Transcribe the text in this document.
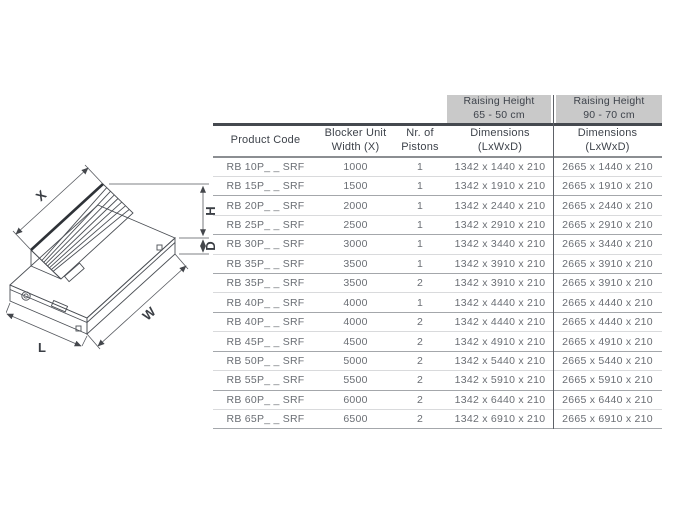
X
H
D
W
L
Raising Height
65 - 50 cm
Raising Height
90 - 70 cm
Product Code
Blocker Unit
Width (X)
Nr. of
Pistons
Dimensions
(LxWxD)
Dimensions
(LxWxD)
RB 10P_ _ SRF	1000	1	1342 x 1440 x 210	2665 x 1440 x 210
RB 15P_ _ SRF	1500	1	1342 x 1910 x 210	2665 x 1910 x 210
RB 20P_ _ SRF	2000	1	1342 x 2440 x 210	2665 x 2440 x 210
RB 25P_ _ SRF	2500	1	1342 x 2910 x 210	2665 x 2910 x 210
RB 30P_ _ SRF	3000	1	1342 x 3440 x 210	2665 x 3440 x 210
RB 35P_ _ SRF	3500	1	1342 x 3910 x 210	2665 x 3910 x 210
RB 35P_ _ SRF	3500	2	1342 x 3910 x 210	2665 x 3910 x 210
RB 40P_ _ SRF	4000	1	1342 x 4440 x 210	2665 x 4440 x 210
RB 40P_ _ SRF	4000	2	1342 x 4440 x 210	2665 x 4440 x 210
RB 45P_ _ SRF	4500	2	1342 x 4910 x 210	2665 x 4910 x 210
RB 50P_ _ SRF	5000	2	1342 x 5440 x 210	2665 x 5440 x 210
RB 55P_ _ SRF	5500	2	1342 x 5910 x 210	2665 x 5910 x 210
RB 60P_ _ SRF	6000	2	1342 x 6440 x 210	2665 x 6440 x 210
RB 65P_ _ SRF	6500	2	1342 x 6910 x 210	2665 x 6910 x 210
